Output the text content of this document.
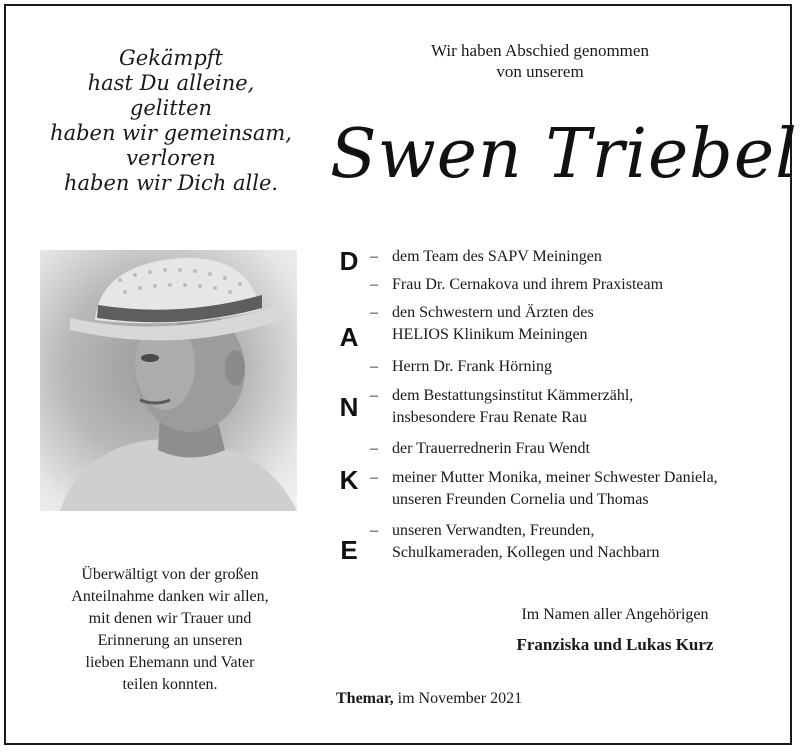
Gekämpft
hast Du alleine,
gelitten
haben wir gemeinsam,
verloren
haben wir Dich alle.
Überwältigt von der großen
Anteilnahme danken wir allen,
mit denen wir Trauer und
Erinnerung an unseren
lieben Ehemann und Vater
teilen konnten.
Wir haben Abschied genommen
von unserem
Swen Triebel
D
A
N
K
E
– dem Team des SAPV Meiningen
– Frau Dr. Cernakova und ihrem Praxisteam
– den Schwestern und Ärzten des
HELIOS Klinikum Meiningen
– Herrn Dr. Frank Hörning
– dem Bestattungsinstitut Kämmerzähl,
insbesondere Frau Renate Rau
– der Trauerrednerin Frau Wendt
– meiner Mutter Monika, meiner Schwester Daniela,
unseren Freunden Cornelia und Thomas
– unseren Verwandten, Freunden,
Schulkameraden, Kollegen und Nachbarn
Im Namen aller Angehörigen
Franziska und Lukas Kurz
Themar, im November 2021
